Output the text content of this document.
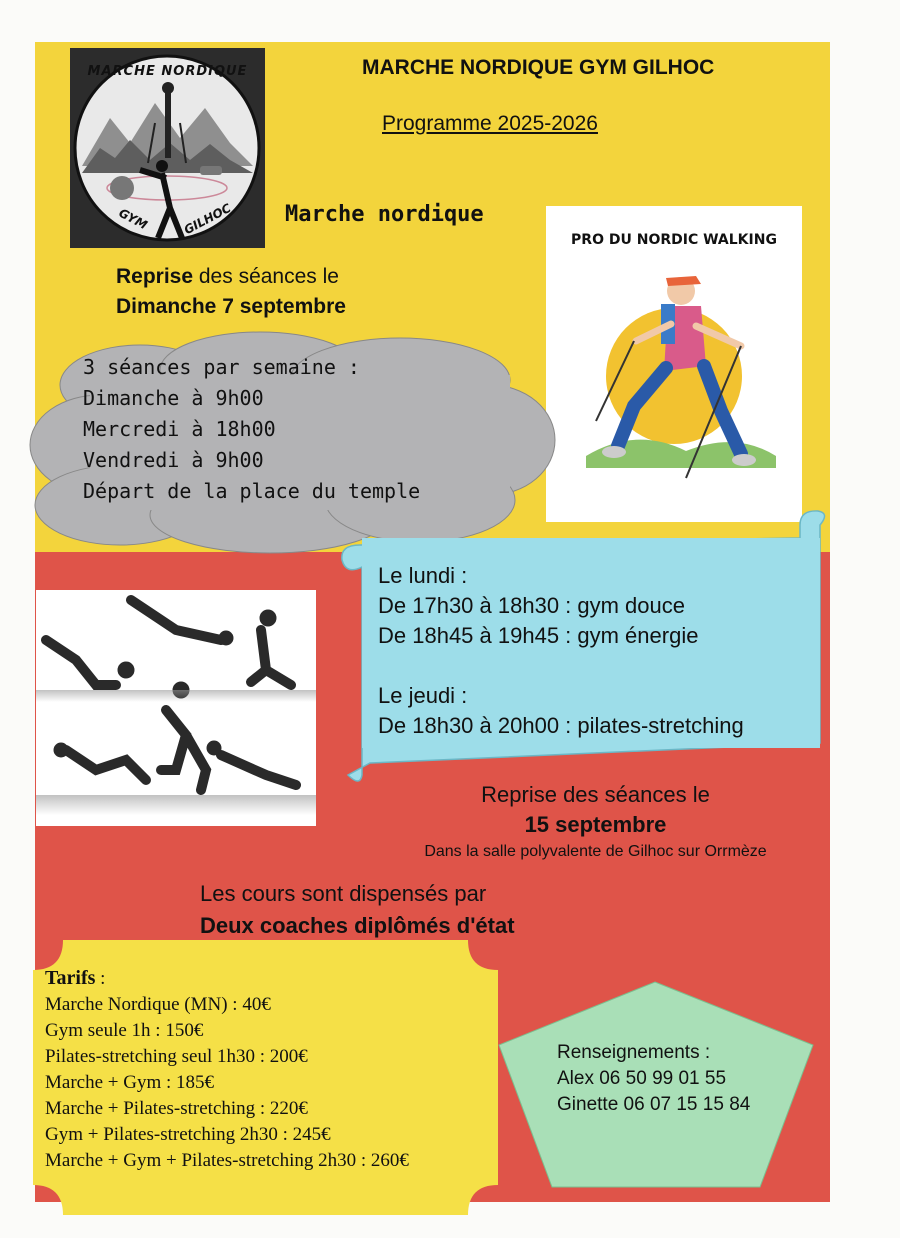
MARCHE NORDIQUE
GYM	GILHOC
MARCHE NORDIQUE GYM GILHOC
Programme 2025-2026
Marche nordique
PRO DU NORDIC WALKING
Reprise des séances le
Dimanche 7 septembre
3 séances par semaine :
Dimanche à 9h00
Mercredi à 18h00
Vendredi à 9h00
Départ de la place du temple
Le lundi :
De 17h30 à 18h30 : gym douce
De 18h45 à 19h45 : gym énergie
Le jeudi :
De 18h30 à 20h00 : pilates-stretching
Reprise des séances le
15 septembre
Dans la salle polyvalente de Gilhoc sur Orrmèze
Les cours sont dispensés par
Deux coaches diplômés d'état
Tarifs :
Marche Nordique (MN) : 40€
Gym seule 1h : 150€
Pilates-stretching seul 1h30 : 200€
Marche + Gym : 185€
Marche + Pilates-stretching : 220€
Gym + Pilates-stretching 2h30 : 245€
Marche + Gym + Pilates-stretching 2h30 : 260€
Renseignements :
Alex 06 50 99 01 55
Ginette 06 07 15 15 84
